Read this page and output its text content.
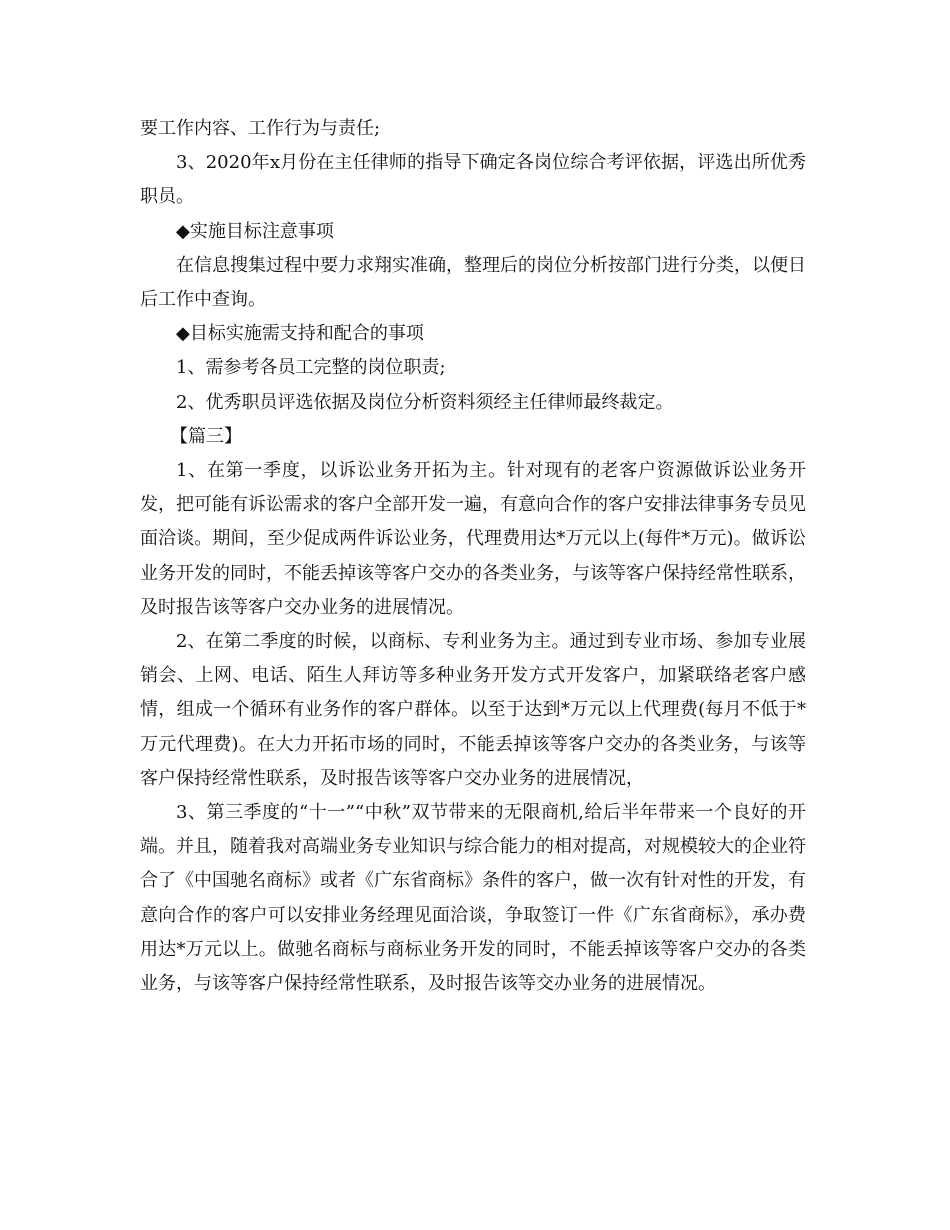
要工作内容、工作行为与责任;

3、2020年x月份在主任律师的指导下确定各岗位综合考评依据，评选出所优秀职员。

◆实施目标注意事项

在信息搜集过程中要力求翔实准确，整理后的岗位分析按部门进行分类，以便日后工作中查询。

◆目标实施需支持和配合的事项

1、需参考各员工完整的岗位职责;

2、优秀职员评选依据及岗位分析资料须经主任律师最终裁定。

【篇三】

1、在第一季度，以诉讼业务开拓为主。针对现有的老客户资源做诉讼业务开发，把可能有诉讼需求的客户全部开发一遍，有意向合作的客户安排法律事务专员见面洽谈。期间，至少促成两件诉讼业务，代理费用达*万元以上(每件*万元)。做诉讼业务开发的同时，不能丢掉该等客户交办的各类业务，与该等客户保持经常性联系，及时报告该等客户交办业务的进展情况。

2、在第二季度的时候，以商标、专利业务为主。通过到专业市场、参加专业展销会、上网、电话、陌生人拜访等多种业务开发方式开发客户，加紧联络老客户感情，组成一个循环有业务作的客户群体。以至于达到*万元以上代理费(每月不低于*万元代理费)。在大力开拓市场的同时，不能丢掉该等客户交办的各类业务，与该等客户保持经常性联系，及时报告该等客户交办业务的进展情况，

3、第三季度的“十一”“中秋”双节带来的无限商机,给后半年带来一个良好的开端。并且，随着我对高端业务专业知识与综合能力的相对提高，对规模较大的企业符合了《中国驰名商标》或者《广东省商标》条件的客户，做一次有针对性的开发，有意向合作的客户可以安排业务经理见面洽谈，争取签订一件《广东省商标》，承办费用达*万元以上。做驰名商标与商标业务开发的同时，不能丢掉该等客户交办的各类业务，与该等客户保持经常性联系，及时报告该等交办业务的进展情况。
